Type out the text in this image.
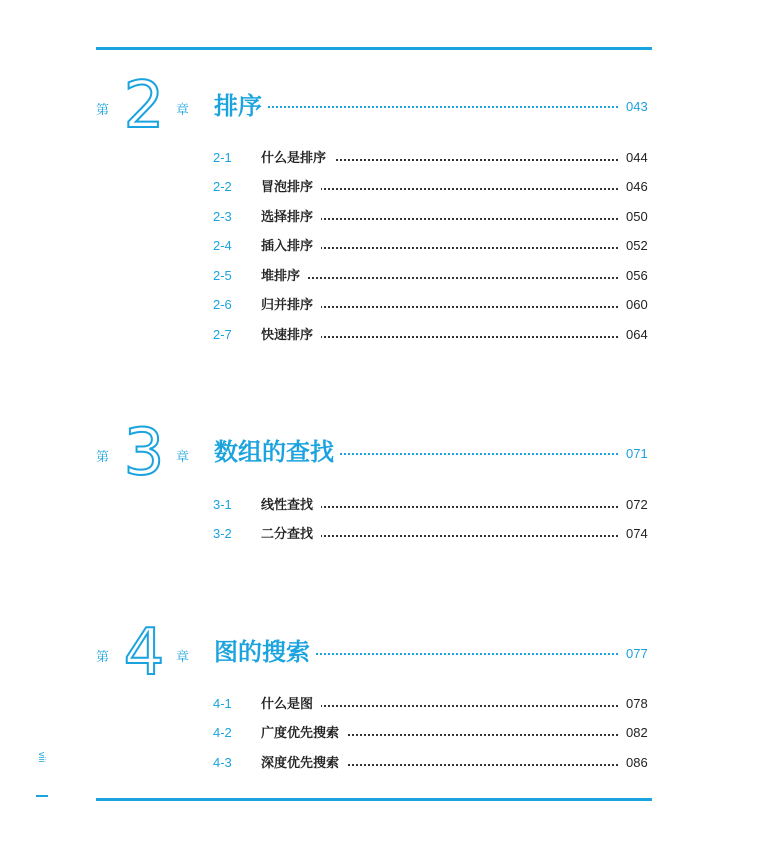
第 2 章 排序	043
2-1 什么是排序	044
2-2 冒泡排序	046
2-3 选择排序	050
2-4 插入排序	052
2-5 堆排序	056
2-6 归并排序	060
2-7 快速排序	064
第 3 章 数组的查找	071
3-1 线性查找	072
3-2 二分查找	074
第 4 章 图的搜索	077
4-1 什么是图	078
4-2 广度优先搜索	082
4-3 深度优先搜索	086
viii
